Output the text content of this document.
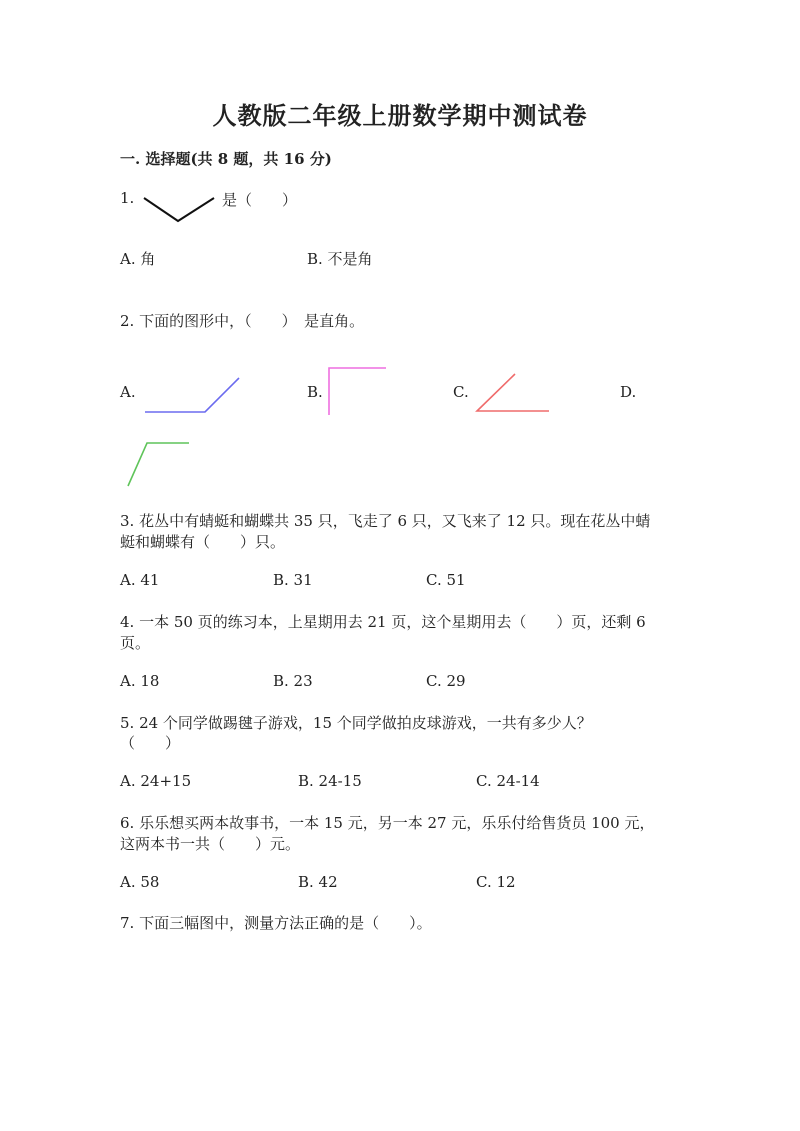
人教版二年级上册数学期中测试卷
一. 选择题(共 8 题，共 16 分)
1.	是（　　）
A. 角	B. 不是角
2. 下面的图形中，（　　）　是直角。
A.	B.	C.	D.
3. 花丛中有蜻蜓和蝴蝶共 35 只，飞走了 6 只，又飞来了 12 只。现在花丛中蜻
蜓和蝴蝶有（　　）只。
A. 41	B. 31	C. 51
4. 一本 50 页的练习本，上星期用去 21 页，这个星期用去（　　）页，还剩 6
页。
A. 18	B. 23	C. 29
5. 24 个同学做踢毽子游戏，15 个同学做拍皮球游戏，一共有多少人？
（　　）
A. 24+15	B. 24-15	C. 24-14
6. 乐乐想买两本故事书，一本 15 元，另一本 27 元，乐乐付给售货员 100 元，
这两本书一共（　　）元。
A. 58	B. 42	C. 12
7. 下面三幅图中，测量方法正确的是（　　）。
